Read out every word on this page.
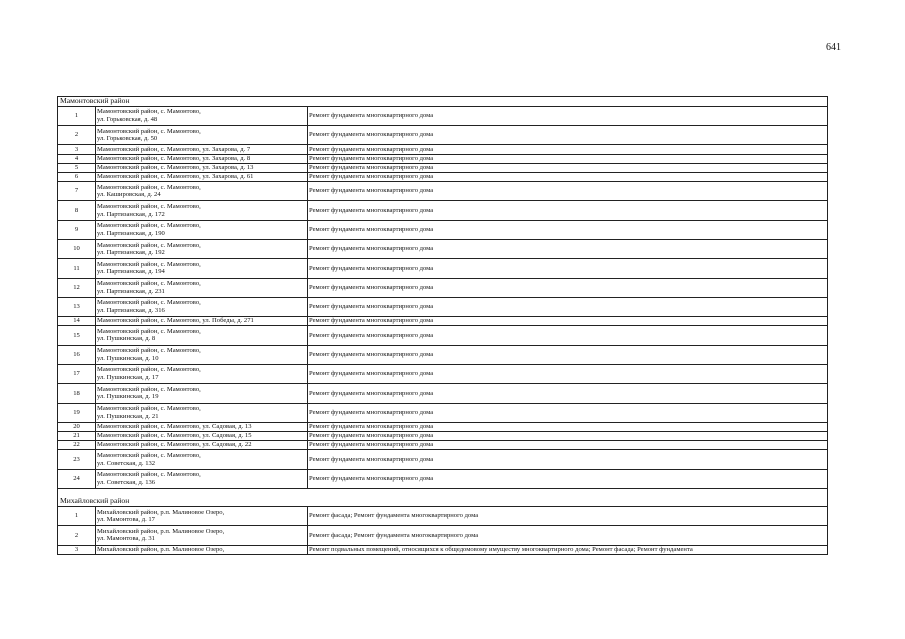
641
Мамонтовский район		
1	Мамонтовский район, с. Мамонтово,
ул. Горьковская, д. 48	Ремонт фундамента многоквартирного дома
2	Мамонтовский район, с. Мамонтово,
ул. Горьковская, д. 50	Ремонт фундамента многоквартирного дома
3	Мамонтовский район, с. Мамонтово, ул. Захарова, д. 7	Ремонт фундамента многоквартирного дома
4	Мамонтовский район, с. Мамонтово, ул. Захарова, д. 8	Ремонт фундамента многоквартирного дома
5	Мамонтовский район, с. Мамонтово, ул. Захарова, д. 13	Ремонт фундамента многоквартирного дома
6	Мамонтовский район, с. Мамонтово, ул. Захарова, д. 61	Ремонт фундамента многоквартирного дома
7	Мамонтовский район, с. Мамонтово,
ул. Кашировская, д. 24	Ремонт фундамента многоквартирного дома
8	Мамонтовский район, с. Мамонтово,
ул. Партизанская, д. 172	Ремонт фундамента многоквартирного дома
9	Мамонтовский район, с. Мамонтово,
ул. Партизанская, д. 190	Ремонт фундамента многоквартирного дома
10	Мамонтовский район, с. Мамонтово,
ул. Партизанская, д. 192	Ремонт фундамента многоквартирного дома
11	Мамонтовский район, с. Мамонтово,
ул. Партизанская, д. 194	Ремонт фундамента многоквартирного дома
12	Мамонтовский район, с. Мамонтово,
ул. Партизанская, д. 231	Ремонт фундамента многоквартирного дома
13	Мамонтовский район, с. Мамонтово,
ул. Партизанская, д. 316	Ремонт фундамента многоквартирного дома
14	Мамонтовский район, с. Мамонтово, ул. Победы, д. 271	Ремонт фундамента многоквартирного дома
15	Мамонтовский район, с. Мамонтово,
ул. Пушкинская, д. 8	Ремонт фундамента многоквартирного дома
16	Мамонтовский район, с. Мамонтово,
ул. Пушкинская, д. 10	Ремонт фундамента многоквартирного дома
17	Мамонтовский район, с. Мамонтово,
ул. Пушкинская, д. 17	Ремонт фундамента многоквартирного дома
18	Мамонтовский район, с. Мамонтово,
ул. Пушкинская, д. 19	Ремонт фундамента многоквартирного дома
19	Мамонтовский район, с. Мамонтово,
ул. Пушкинская, д. 21	Ремонт фундамента многоквартирного дома
20	Мамонтовский район, с. Мамонтово, ул. Садовая, д. 13	Ремонт фундамента многоквартирного дома
21	Мамонтовский район, с. Мамонтово, ул. Садовая, д. 15	Ремонт фундамента многоквартирного дома
22	Мамонтовский район, с. Мамонтово, ул. Садовая, д. 22	Ремонт фундамента многоквартирного дома
23	Мамонтовский район, с. Мамонтово,
ул. Советская, д. 132	Ремонт фундамента многоквартирного дома
24	Мамонтовский район, с. Мамонтово,
ул. Советская, д. 136	Ремонт фундамента многоквартирного дома
Михайловский район		
1	Михайловский район, р.п. Малиновое Озеро,
ул. Мамонтова, д. 17	Ремонт фасада; Ремонт фундамента многоквартирного дома
2	Михайловский район, р.п. Малиновое Озеро,
ул. Мамонтова, д. 31	Ремонт фасада; Ремонт фундамента многоквартирного дома
3	Михайловский район, р.п. Малиновое Озеро,	Ремонт подвальных помещений, относящихся к общедомовому имуществу многоквартирного дома; Ремонт фасада; Ремонт фундамента
